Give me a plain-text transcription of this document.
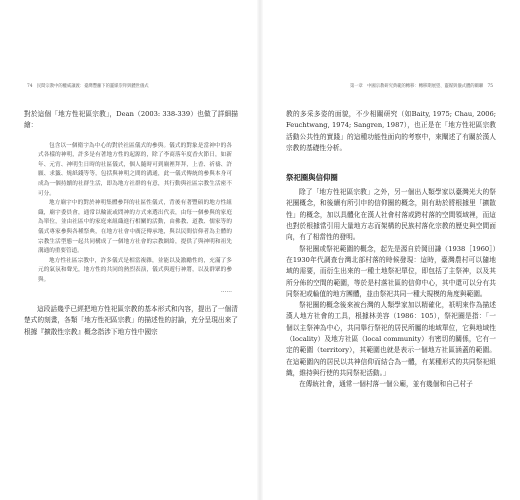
74 民間宗教中的權威讓渡：臺灣豐蘿下的靈媒崇拜與體世儀式

對於這個「地方性祀區宗教」，Dean（2003: 338-339）也做了詳細描繪：

包含以一個衛宇為中心的對於社區儀式的參與。儀式的對象是當神中的各式各樣的神明，許多是有著地方性的起源的，除了李商落年度香火節日，如新年、元宵、神明生日時的社區儀式，個人隨時可到廟裡拜拜，上香、祈禱、許願、求籤、燒紙錢等等，包括與神明之間的溝通，此一儀式傳統的參與本身可成為一個持續的社群生活，即為地方社群的有意，其行動與社區宗教生活密不可分。

地方廟宇中的對於神明集體參拜的社區性儀式，背後有著豐碩的地方性組織，廟宇委員會，通常以輪流或問神的方式來選出代表，由每一個參與的家庭為單位，並由社區中的家庭來組織進行相關的活動，由佛教、道教、儒家等的儀式專家參與各種祭典，在地方社會中廣泛傳承地，與以民間信仰者為主體的宗教生活型態一起共同構成了一個地方社會的宗教網絡，提供了與神明和祖先溝通的重要管道。

地方性社區宗教中，許多儀式是相當複雜，並能以及激勵性的，充滿了多元的氣氛和聲光，地方性的共同的熱烈表演，儀式與遊行神將，以及群眾的參與。

……

這段話幾乎已經把地方性祀區宗教的基本形式和內容，提出了一個清楚式的刻畫，各類「地方性祀區宗教」的描述性的討論，充分呈現出來了根據『擴散性宗教』概念指涉下地方性中國宗

第一章　中國宗教研究典範的轉移：轉移期展望、靈媒與儀式體的關聯 75

教的多采多姿的面貌，不少相關研究（如Baity, 1975; Chau, 2006; Feuchtwang, 1974; Sangren, 1987），也正是在「地方性祀區宗教活動公共性的實踐」的這種功能性面向的考察中，來闡述了有關於漢人宗教的基礎性分析。

祭祀圈與信仰圈

除了「地方性祀區宗教」之外，另一個出人類學家以臺灣光大的祭祀圈概念，和後續有所引申的信仰圈的概念，則有助於將根據里「擴散性」的概念，加以具體化在漢人社會村落或跨村落的空間領域裡，而這也對於根據當引用大量地方志而架構的民族村落化宗教的歷史與空間面向，有了相當性的發明。

祭祀圈或祭祀範圍的概念，起先是源自於岡田謙（1938［1960］）在1930年代調查台灣北部村落的時候發現：這時，臺灣農村可以隨地域的需要，而衍生出來的一種土地祭祀單位，即包括了主祭神，以及其所分佈的空間的範圍，等於是村落社區的信仰中心，其中還可以分有共同祭祀或輪值的地方團體，並由祭祀共同一種大規模的角度與範圍。

祭祀圈的概念後來被台灣的人類學家加以精確化，祇明來作為描述漢人地方社會的工具，根據林美容（1986：105），祭祀圈是指：「一個以主祭神為中心，共同舉行祭祀的居民所屬的地域單位，它與地域性（locality）及地方社區（local community）有密切的關係，它有一定的範圍（territory），其範圍也就是表示一個地方社區涵蓋的範圍。在這範圍內的居民以共神信仰而結合為一體，有某種形式的共同祭祀組織，維持與行使的共同祭祀活動。」

在傳統社會，通常一個村落一個公廟，並有幾個和自己村子
